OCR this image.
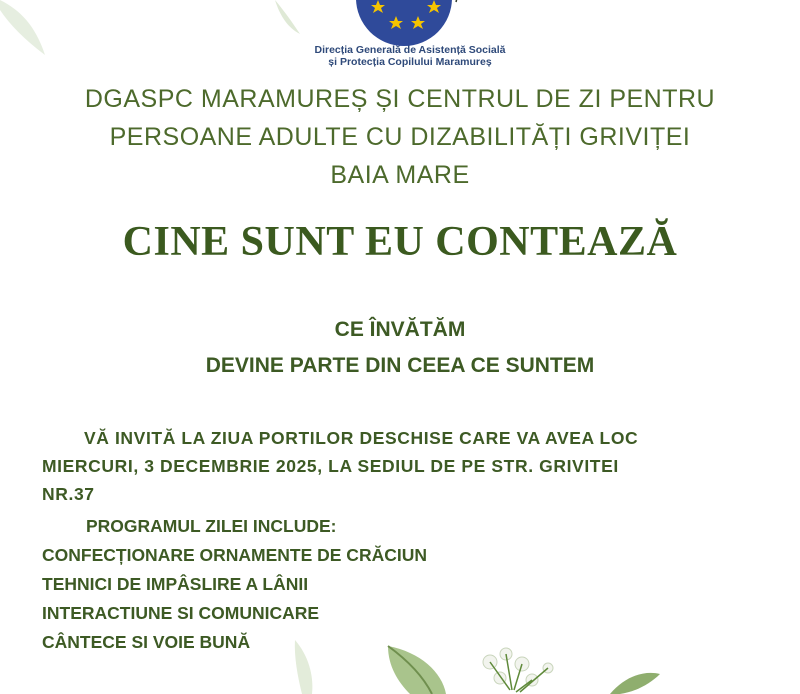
Direcția Generală de Asistență Socială
și Protecția Copilului Maramureș
DGASPC MARAMUREȘ ȘI CENTRUL DE ZI PENTRU
PERSOANE ADULTE CU DIZABILITĂȚI GRIVIȚEI
BAIA MARE
CINE SUNT EU CONTEAZĂ
CE ÎNVĂTĂM
DEVINE PARTE DIN CEEA CE SUNTEM
VĂ INVITĂ LA ZIUA PORTILOR DESCHISE CARE VA AVEA LOC
MIERCURI, 3 DECEMBRIE 2025, LA SEDIUL DE PE STR. GRIVITEI
NR.37
PROGRAMUL ZILEI INCLUDE:
CONFECȚIONARE ORNAMENTE DE CRĂCIUN
TEHNICI DE IMPÂSLIRE A LÂNII
INTERACTIUNE SI COMUNICARE
CÂNTECE SI VOIE BUNĂ
